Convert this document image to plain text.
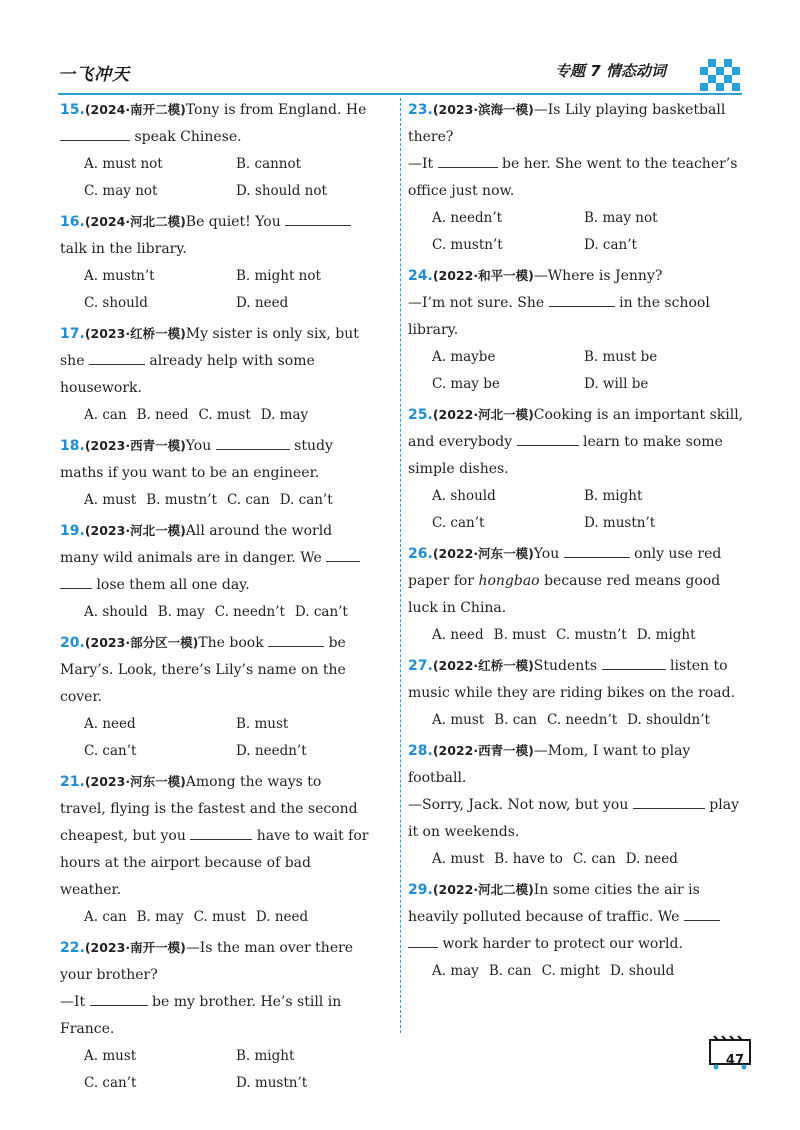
一飞冲天	专题 7 情态动词

15.(2024·南开二模)Tony is from England. He  speak Chinese.

A. must not	B. cannot
C. may not	D. should not

16.(2024·河北二模)Be quiet! You  talk in the library.

A. mustn’t	B. might not
C. should	D. need

17.(2023·红桥一模)My sister is only six, but she	already help with some housework.

A. can B. need C. must D. may

18.(2023·西青一模)You	study maths if you want to be an engineer.

A. must B. mustn’t C. can D. can’t

19.(2023·河北一模)All around the world many wild animals are in danger. We   lose them all one day.

A. should B. may C. needn’t D. can’t

20.(2023·部分区一模)The book	be Mary’s. Look, there’s Lily’s name on the cover.

A. need	B. must
C. can’t	D. needn’t

21.(2023·河东一模)Among the ways to travel, flying is the fastest and the second cheapest, but you	have to wait for hours at the airport because of bad weather.

A. can B. may C. must D. need

22.(2023·南开一模)—Is the man over there your brother?

—It	be my brother. He’s still in France.

A. must	B. might
C. can’t	D. mustn’t

23.(2023·滨海一模)—Is Lily playing basketball there?

—It	be her. She went to the teacher’s office just now.

A. needn’t	B. may not
C. mustn’t	D. can’t

24.(2022·和平一模)—Where is Jenny?

—I’m not sure. She	in the school library.

A. maybe	B. must be
C. may be	D. will be

25.(2022·河北一模)Cooking is an important skill, and everybody	learn to make some simple dishes.

A. should	B. might
C. can’t	D. mustn’t

26.(2022·河东一模)You	only use red paper for hongbao because red means good luck in China.

A. need B. must C. mustn’t D. might

27.(2022·红桥一模)Students	listen to music while they are riding bikes on the road.

A. must B. can C. needn’t D. shouldn’t

28.(2022·西青一模)—Mom, I want to play football.

—Sorry, Jack. Not now, but you	play it on weekends.

A. must B. have to C. can D. need

29.(2022·河北二模)In some cities the air is heavily polluted because of traffic. We   work harder to protect our world.

A. may B. can C. might D. should
47
